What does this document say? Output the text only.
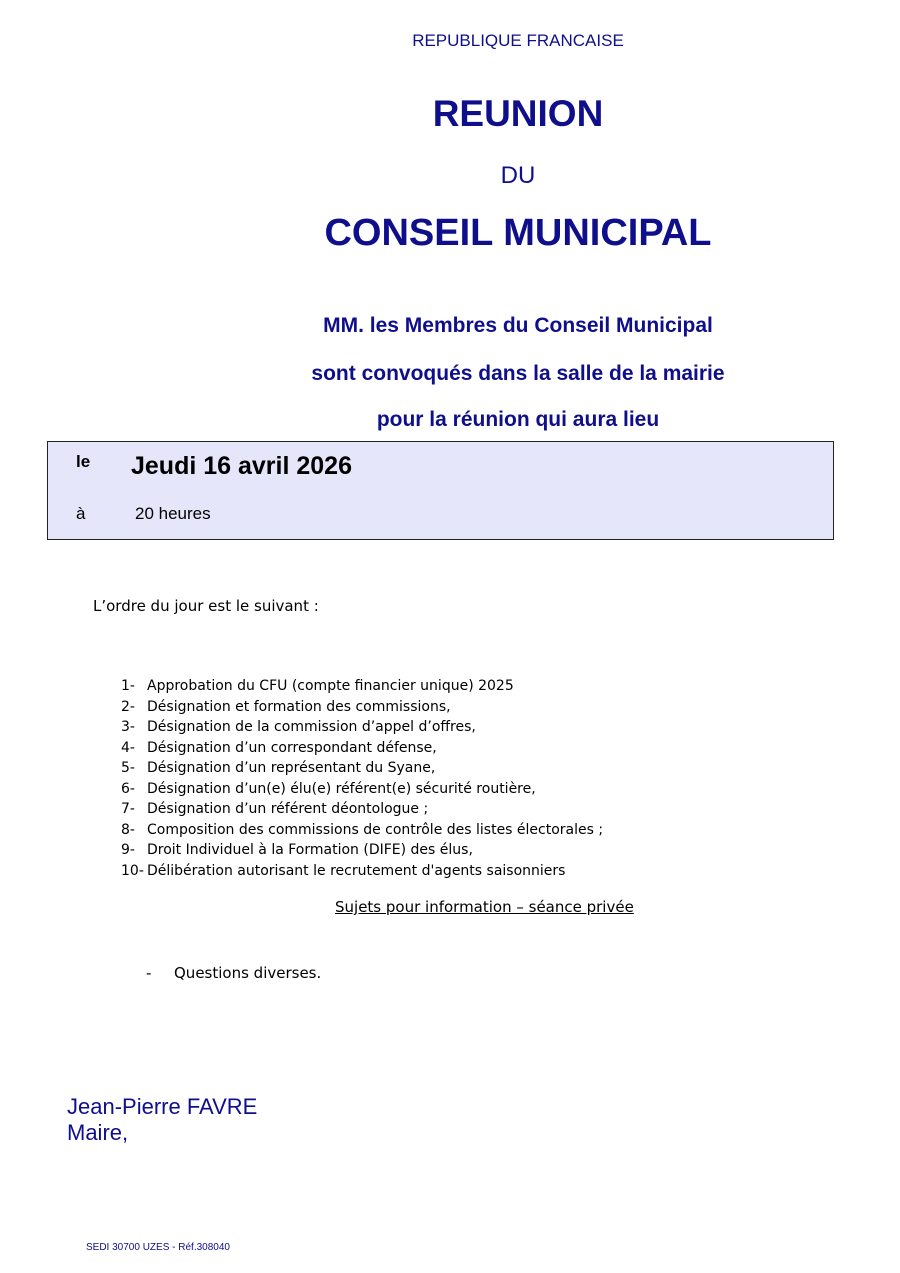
REPUBLIQUE FRANCAISE
REUNION
DU
CONSEIL MUNICIPAL
MM. les Membres du Conseil Municipal
sont convoqués dans la salle de la mairie
pour la réunion qui aura lieu
le Jeudi 16 avril 2026
à	20 heures
L’ordre du jour est le suivant :
1- Approbation du CFU (compte financier unique) 2025
2- Désignation et formation des commissions,
3- Désignation de la commission d’appel d’offres,
4- Désignation d’un correspondant défense,
5- Désignation d’un représentant du Syane,
6- Désignation d’un(e) élu(e) référent(e) sécurité routière,
7- Désignation d’un référent déontologue ;
8- Composition des commissions de contrôle des listes électorales ;
9- Droit Individuel à la Formation (DIFE) des élus,
10- Délibération autorisant le recrutement d'agents saisonniers
Sujets pour information – séance privée
- Questions diverses.
Jean-Pierre FAVRE
Maire,
SEDI 30700 UZES - Réf.308040
